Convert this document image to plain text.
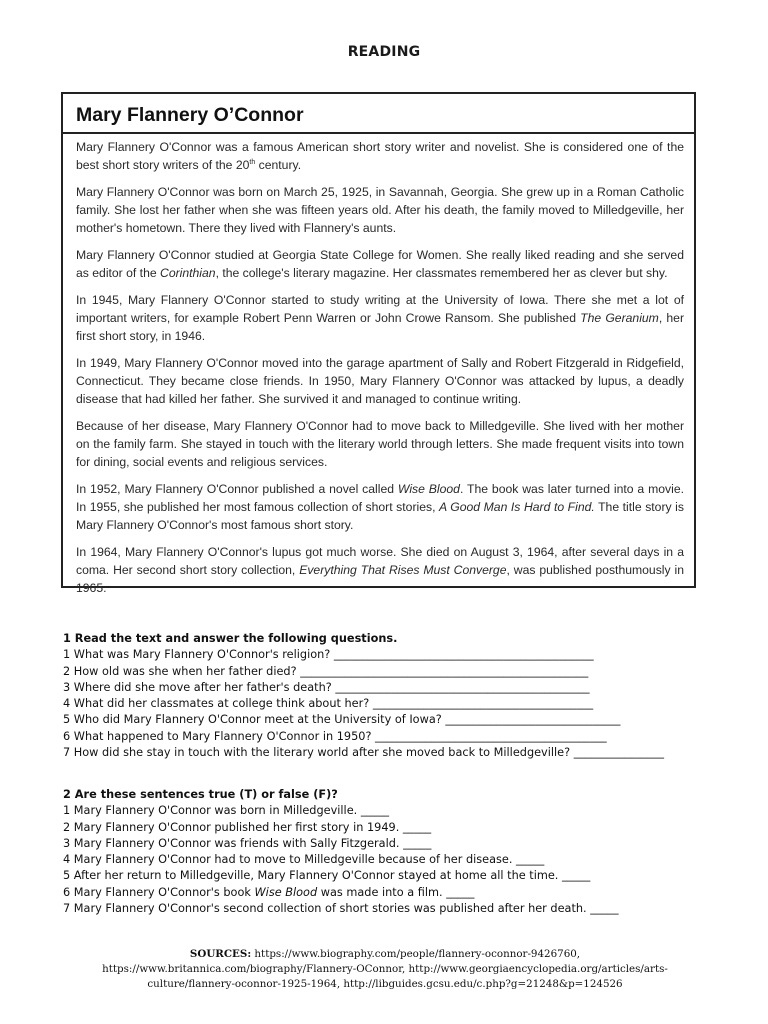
READING
Mary Flannery O’Connor

Mary Flannery O'Connor was a famous American short story writer and novelist. She is considered one of the best short story writers of the 20th century.

Mary Flannery O'Connor was born on March 25, 1925, in Savannah, Georgia. She grew up in a Roman Catholic family. She lost her father when she was fifteen years old. After his death, the family moved to Milledgeville, her mother's hometown. There they lived with Flannery's aunts.

Mary Flannery O'Connor studied at Georgia State College for Women. She really liked reading and she served as editor of the Corinthian, the college's literary magazine. Her classmates remembered her as clever but shy.

In 1945, Mary Flannery O'Connor started to study writing at the University of Iowa. There she met a lot of important writers, for example Robert Penn Warren or John Crowe Ransom. She published The Geranium, her first short story, in 1946.

In 1949, Mary Flannery O'Connor moved into the garage apartment of Sally and Robert Fitzgerald in Ridgefield, Connecticut. They became close friends. In 1950, Mary Flannery O'Connor was attacked by lupus, a deadly disease that had killed her father. She survived it and managed to continue writing.

Because of her disease, Mary Flannery O'Connor had to move back to Milledgeville. She lived with her mother on the family farm. She stayed in touch with the literary world through letters. She made frequent visits into town for dining, social events and religious services.

In 1952, Mary Flannery O'Connor published a novel called Wise Blood. The book was later turned into a movie. In 1955, she published her most famous collection of short stories, A Good Man Is Hard to Find. The title story is Mary Flannery O'Connor's most famous short story.

In 1964, Mary Flannery O'Connor's lupus got much worse. She died on August 3, 1964, after several days in a coma. Her second short story collection, Everything That Rises Must Converge, was published posthumously in 1965.

1 Read the text and answer the following questions.
1 What was Mary Flannery O'Connor's religion? ______________________________________________
2 How old was she when her father died? ___________________________________________________
3 Where did she move after her father's death? _____________________________________________
4 What did her classmates at college think about her? _______________________________________
5 Who did Mary Flannery O'Connor meet at the University of Iowa? _______________________________
6 What happened to Mary Flannery O'Connor in 1950? _________________________________________
7 How did she stay in touch with the literary world after she moved back to Milledgeville? ________________
2 Are these sentences true (T) or false (F)?
1 Mary Flannery O'Connor was born in Milledgeville. _____
2 Mary Flannery O'Connor published her first story in 1949. _____
3 Mary Flannery O'Connor was friends with Sally Fitzgerald. _____
4 Mary Flannery O'Connor had to move to Milledgeville because of her disease. _____
5 After her return to Milledgeville, Mary Flannery O'Connor stayed at home all the time. _____
6 Mary Flannery O'Connor's book Wise Blood was made into a film. _____
7 Mary Flannery O'Connor's second collection of short stories was published after her death. _____
SOURCES: https://www.biography.com/people/flannery-oconnor-9426760,
https://www.britannica.com/biography/Flannery-OConnor, http://www.georgiaencyclopedia.org/articles/arts-
culture/flannery-oconnor-1925-1964, http://libguides.gcsu.edu/c.php?g=21248&p=124526
